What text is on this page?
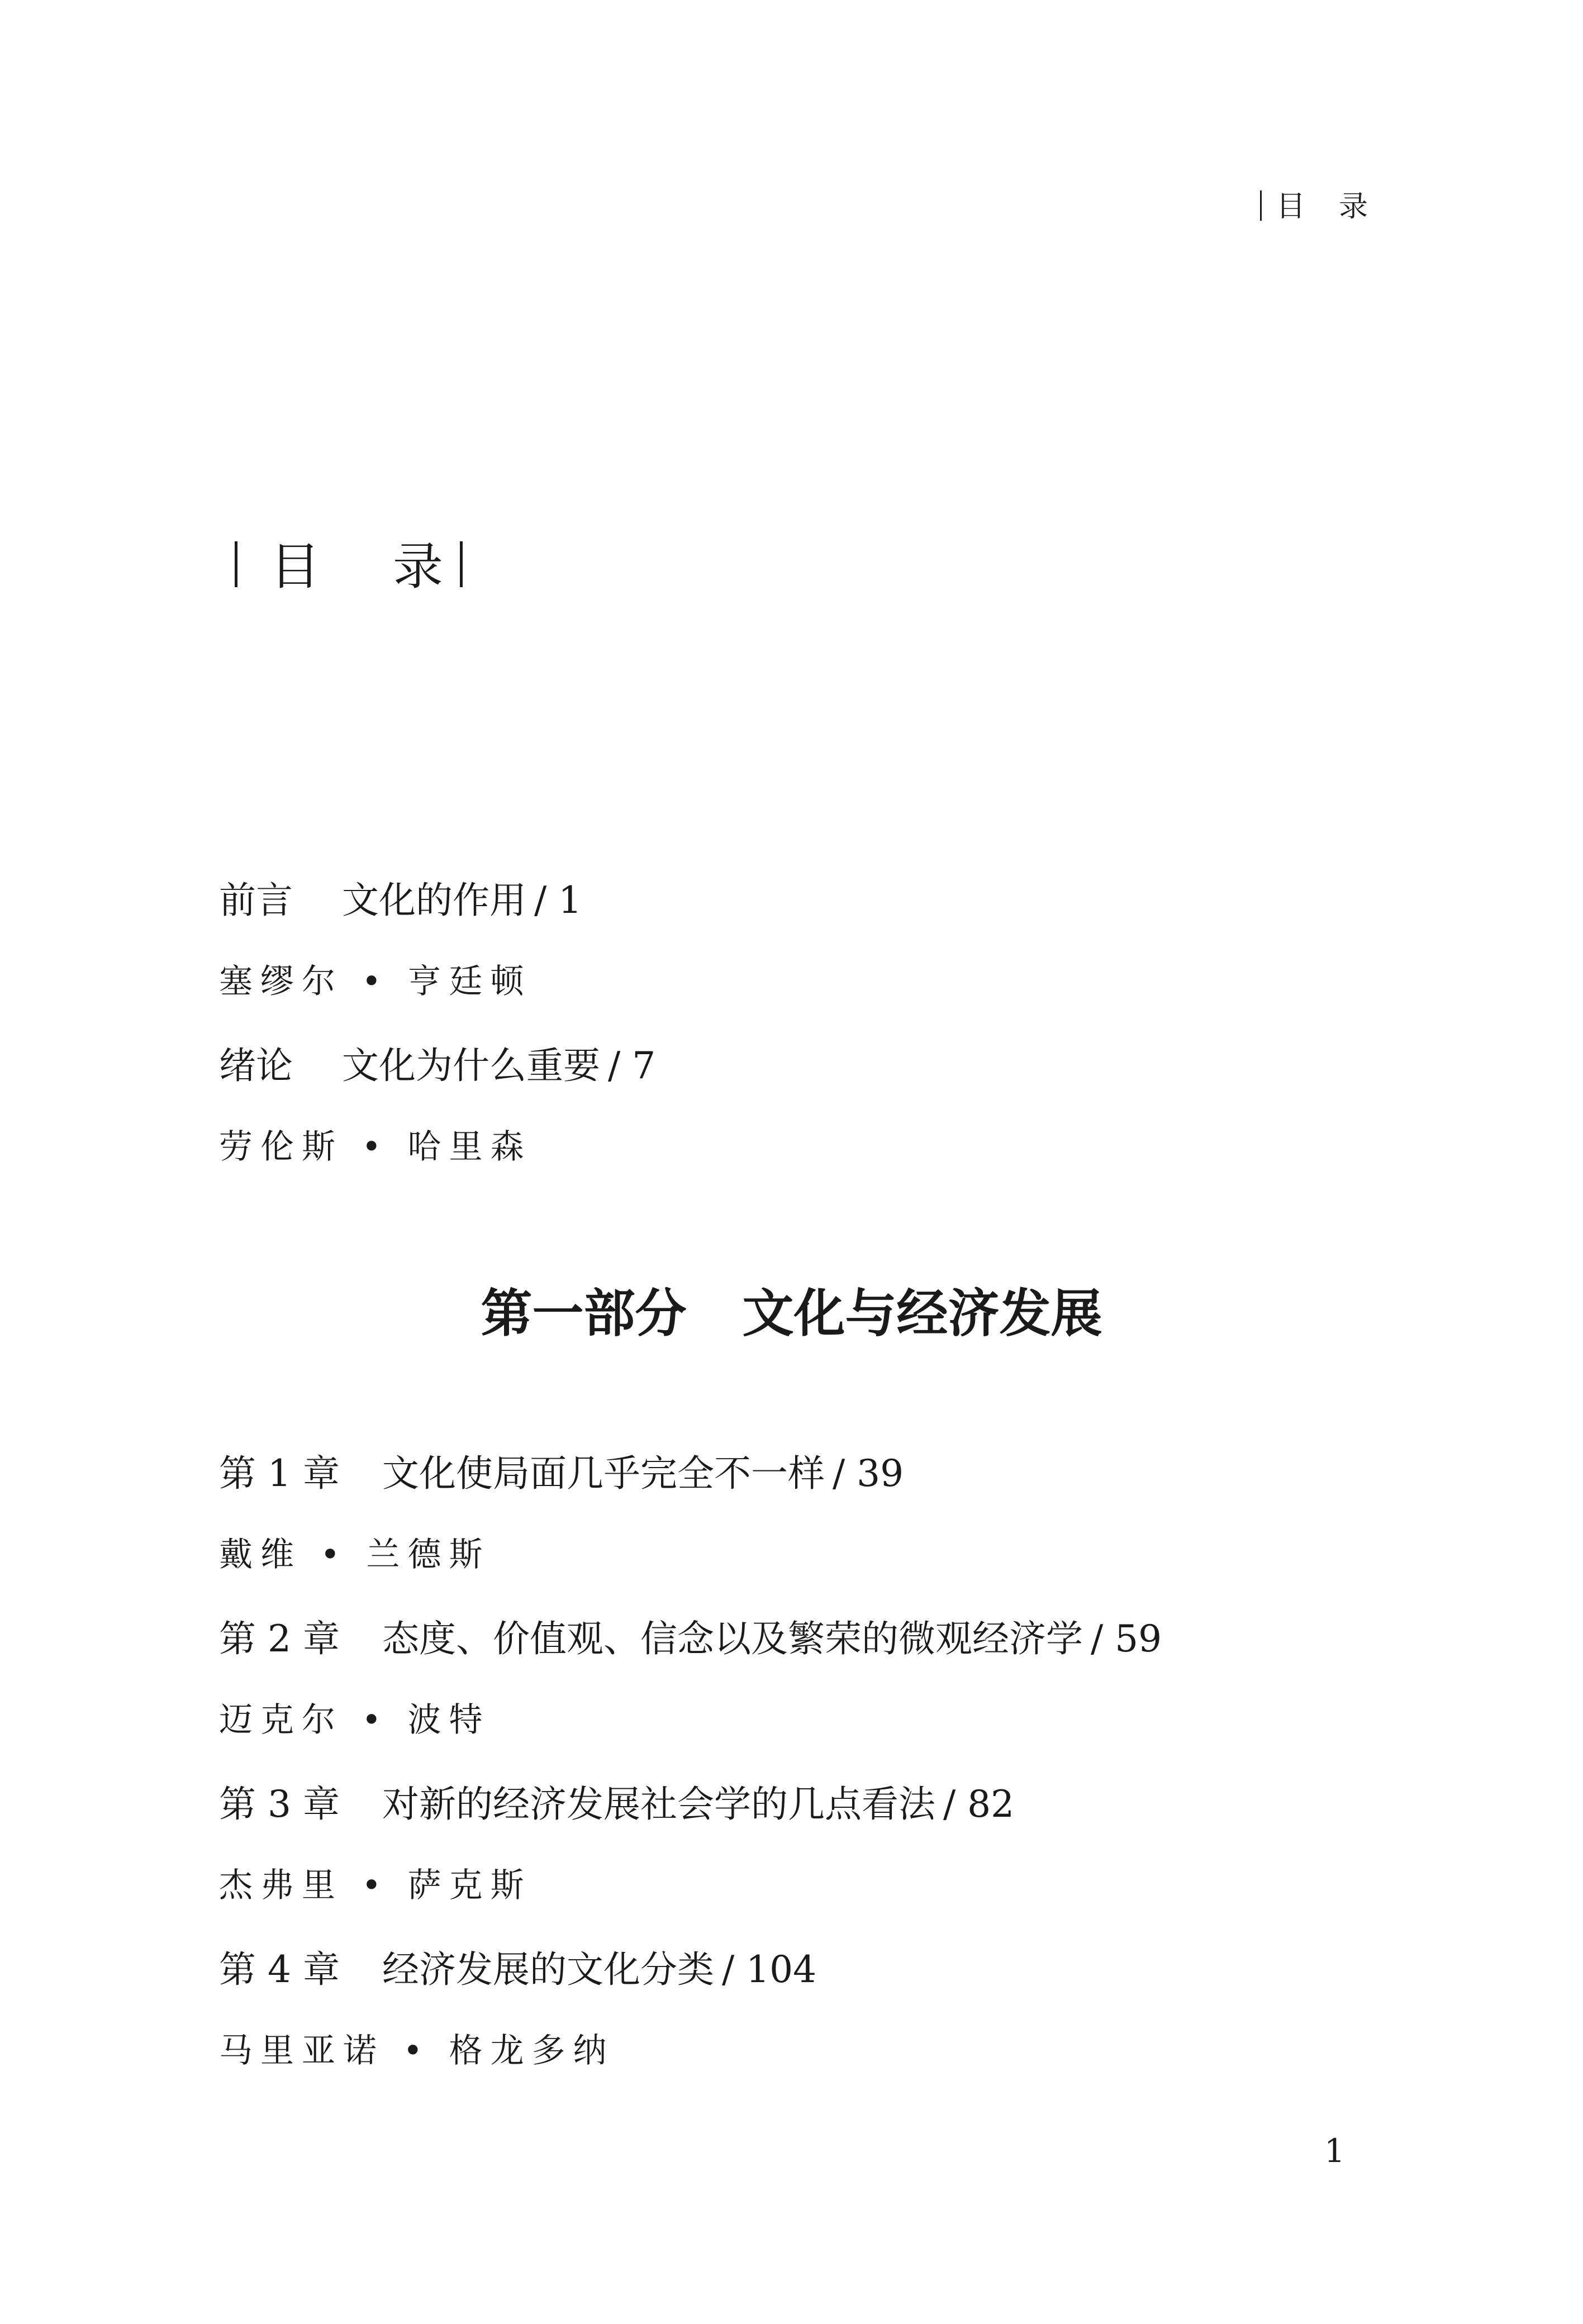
目 录
目 录
前言 文化的作用 / 1
塞缪尔 • 亨廷顿
绪论 文化为什么重要 / 7
劳伦斯 • 哈里森
第一部分 文化与经济发展
第 1 章 文化使局面几乎完全不一样 / 39
戴维 • 兰德斯
第 2 章 态度、价值观、信念以及繁荣的微观经济学 / 59
迈克尔 • 波特
第 3 章 对新的经济发展社会学的几点看法 / 82
杰弗里 • 萨克斯
第 4 章 经济发展的文化分类 / 104
马里亚诺 • 格龙多纳
1
